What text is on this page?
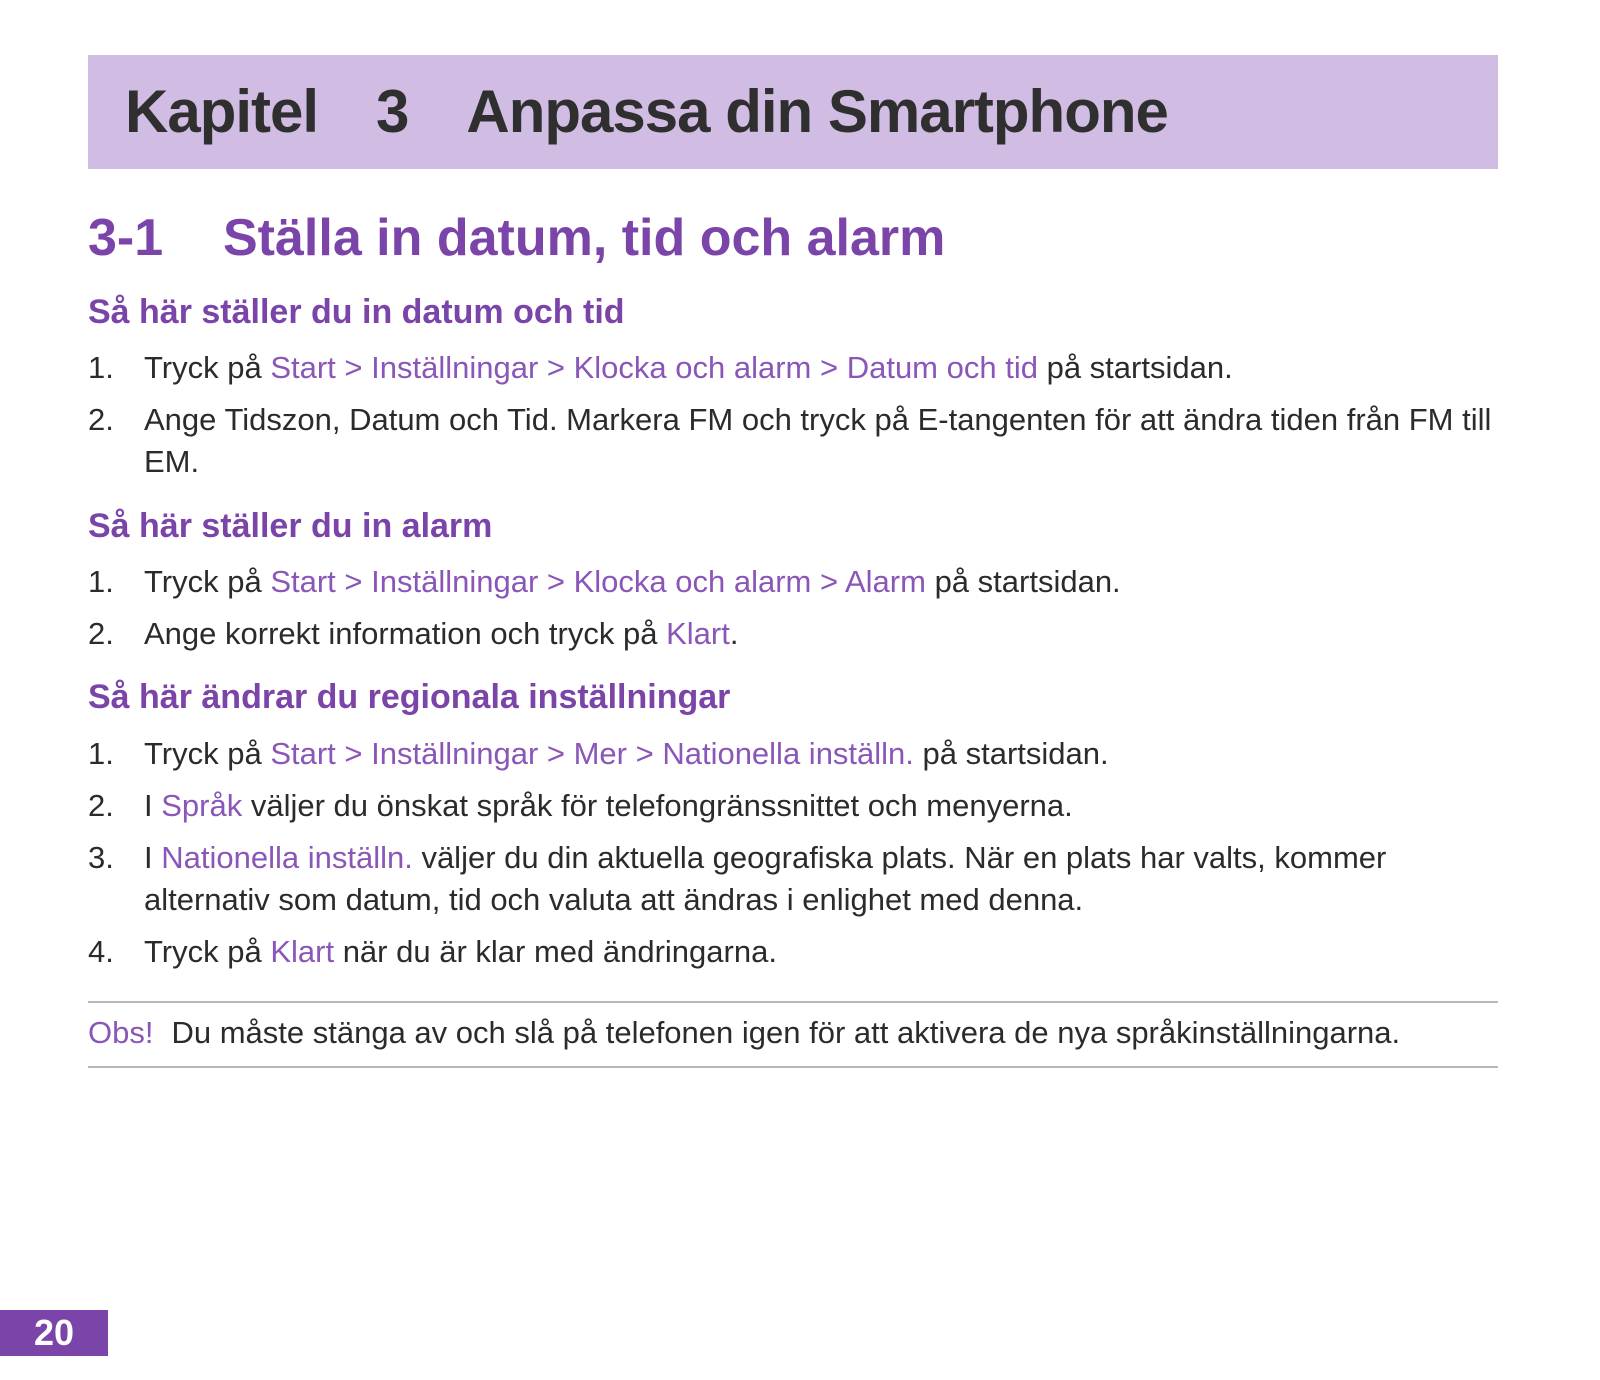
Kapitel 3 Anpassa din Smartphone
3-1 Ställa in datum, tid och alarm
Så här ställer du in datum och tid
1. Tryck på Start > Inställningar > Klocka och alarm > Datum och tid på startsidan.
2. Ange Tidszon, Datum och Tid. Markera FM och tryck på E-tangenten för att ändra tiden från FM till EM.
Så här ställer du in alarm
1. Tryck på Start > Inställningar > Klocka och alarm > Alarm på startsidan.
2. Ange korrekt information och tryck på Klart.
Så här ändrar du regionala inställningar
1. Tryck på Start > Inställningar > Mer > Nationella inställn. på startsidan.
2. I Språk väljer du önskat språk för telefongränssnittet och menyerna.
3. I Nationella inställn. väljer du din aktuella geografiska plats. När en plats har valts, kommer alternativ som datum, tid och valuta att ändras i enlighet med denna.
4. Tryck på Klart när du är klar med ändringarna.

Obs! Du måste stänga av och slå på telefonen igen för att aktivera de nya språkinställningarna.

20
